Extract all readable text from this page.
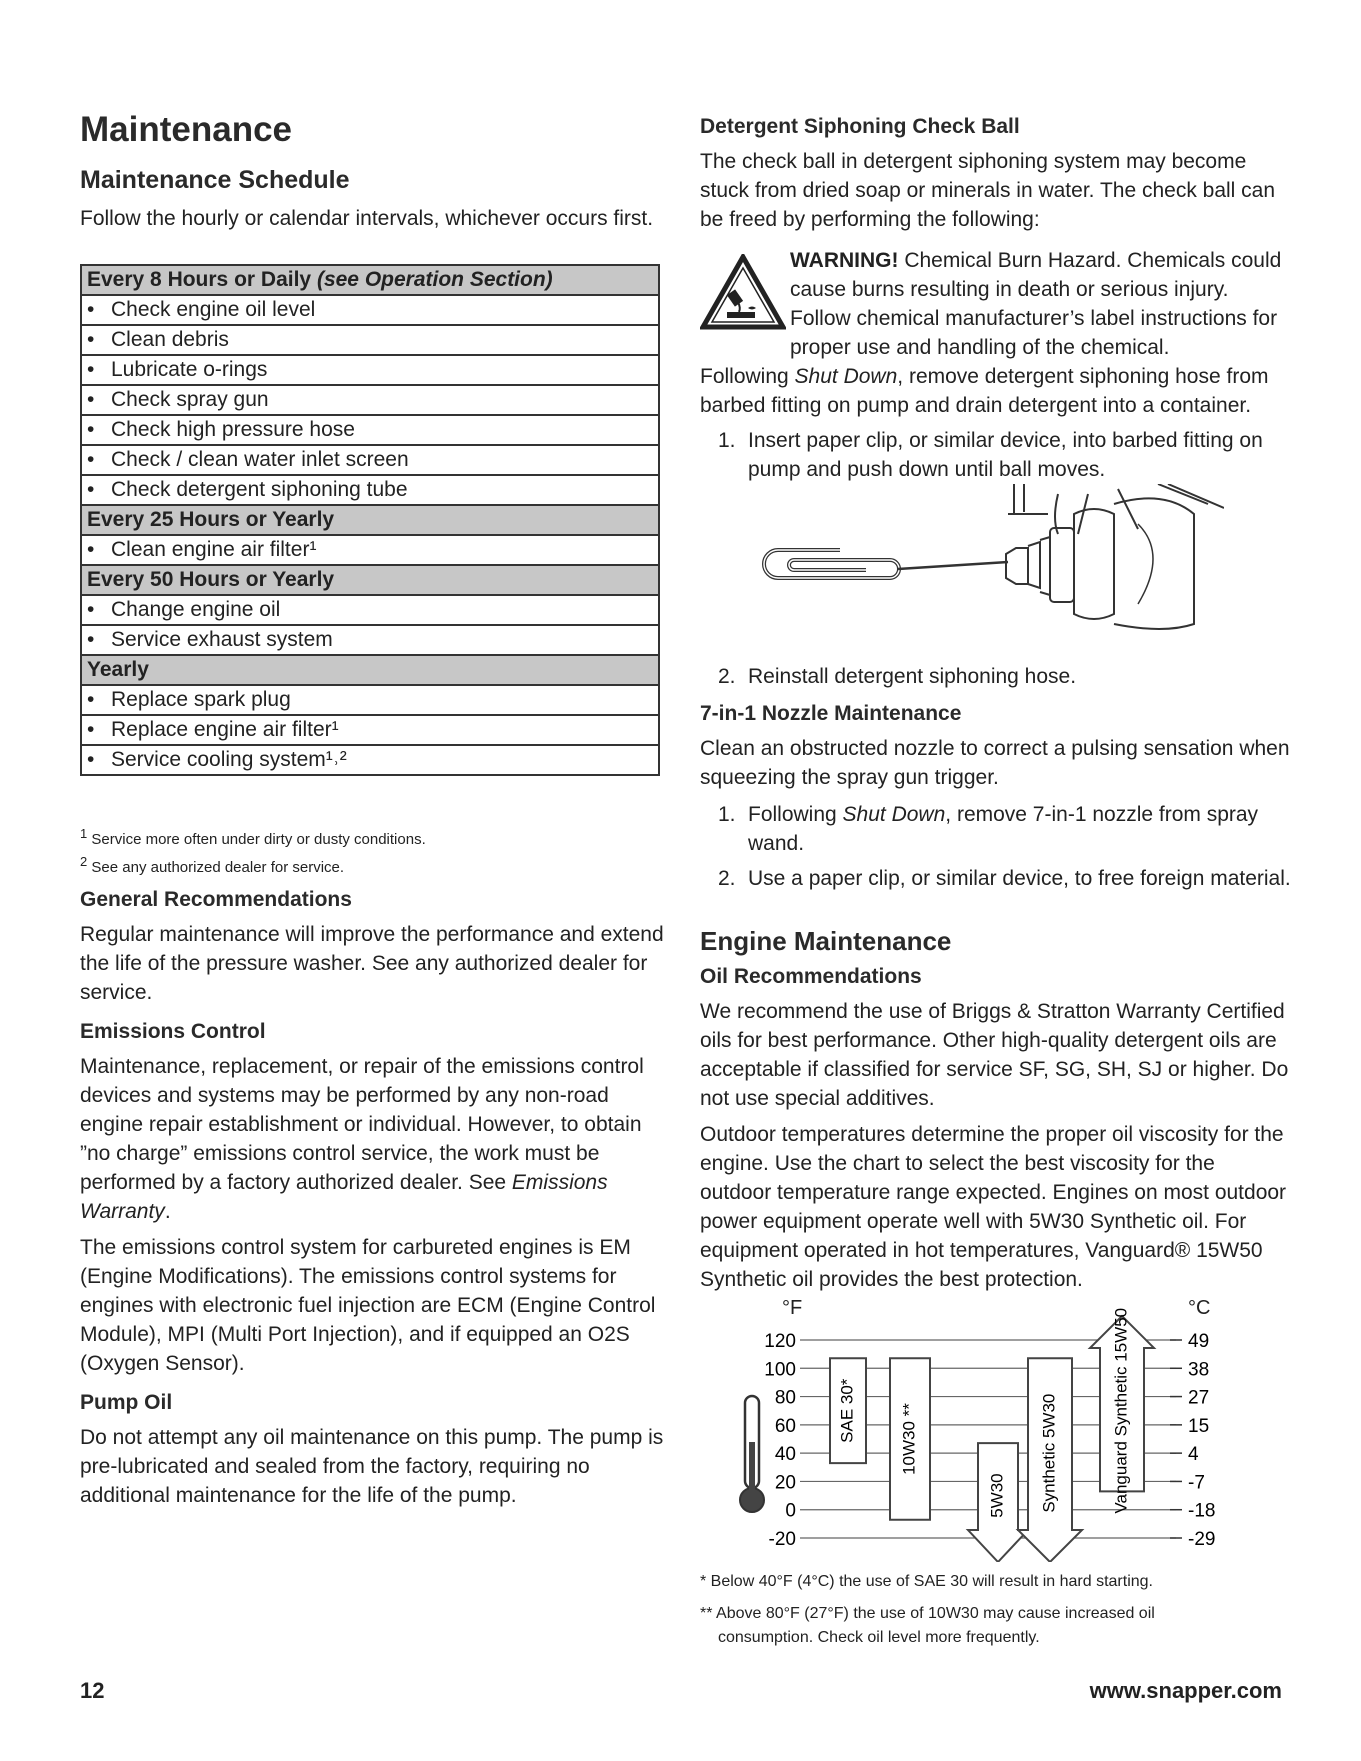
Maintenance
Maintenance Schedule

Follow the hourly or calendar intervals, whichever occurs first.

Every 8 Hours or Daily (see Operation Section)
• Check engine oil level
• Clean debris
• Lubricate o-rings
• Check spray gun
• Check high pressure hose
• Check / clean water inlet screen
• Check detergent siphoning tube
Every 25 Hours or Yearly
• Clean engine air filter¹
Every 50 Hours or Yearly
• Change engine oil
• Service exhaust system
Yearly
• Replace spark plug
• Replace engine air filter¹
• Service cooling system¹˒²
$^1$ Service more often under dirty or dusty conditions.
$^2$ See any authorized dealer for service.
General Recommendations

Regular maintenance will improve the performance and extend the life of the pressure washer. See any authorized dealer for service.

Emissions Control

Maintenance, replacement, or repair of the emissions control devices and systems may be performed by any non-road engine repair establishment or individual. However, to obtain ”no charge” emissions control service, the work must be performed by a factory authorized dealer. See Emissions Warranty.

The emissions control system for carbureted engines is EM (Engine Modifications). The emissions control systems for engines with electronic fuel injection are ECM (Engine Control Module), MPI (Multi Port Injection), and if equipped an O2S (Oxygen Sensor).

Pump Oil

Do not attempt any oil maintenance on this pump. The pump is pre-lubricated and sealed from the factory, requiring no additional maintenance for the life of the pump.

Detergent Siphoning Check Ball

The check ball in detergent siphoning system may become stuck from dried soap or minerals in water. The check ball can be freed by performing the following:

WARNING! Chemical Burn Hazard. Chemicals could cause burns resulting in death or serious injury. Follow chemical manufacturer’s label instructions for proper use and handling of the chemical.

Following Shut Down, remove detergent siphoning hose from barbed fitting on pump and drain detergent into a container.

1. Insert paper clip, or similar device, into barbed fitting on pump and push down until ball moves.
2. Reinstall detergent siphoning hose.
7-in-1 Nozzle Maintenance

Clean an obstructed nozzle to correct a pulsing sensation when squeezing the spray gun trigger.

1. Following Shut Down, remove 7-in-1 nozzle from spray wand.
2. Use a paper clip, or similar device, to free foreign material.
Engine Maintenance
Oil Recommendations

We recommend the use of Briggs & Stratton Warranty Certified oils for best performance. Other high-quality detergent oils are acceptable if classified for service SF, SG, SH, SJ or higher. Do not use special additives.

Outdoor temperatures determine the proper oil viscosity for the engine. Use the chart to select the best viscosity for the outdoor temperature range expected. Engines on most outdoor power equipment operate well with 5W30 Synthetic oil. For equipment operated in hot temperatures, Vanguard® 15W50 Synthetic oil provides the best protection.

°F	°C
120	49
100	38
80	27
60	15
40	4
20	-7
0	-18
-20	-29
SAE 30*	10W30 **
5W30 Synthetic 5W30	Vanguard Synthetic 15W50
* Below 40°F (4°C) the use of SAE 30 will result in hard starting.
** Above 80°F (27°F) the use of 10W30 may cause increased oil consumption. Check oil level more frequently.
12	www.snapper.com
